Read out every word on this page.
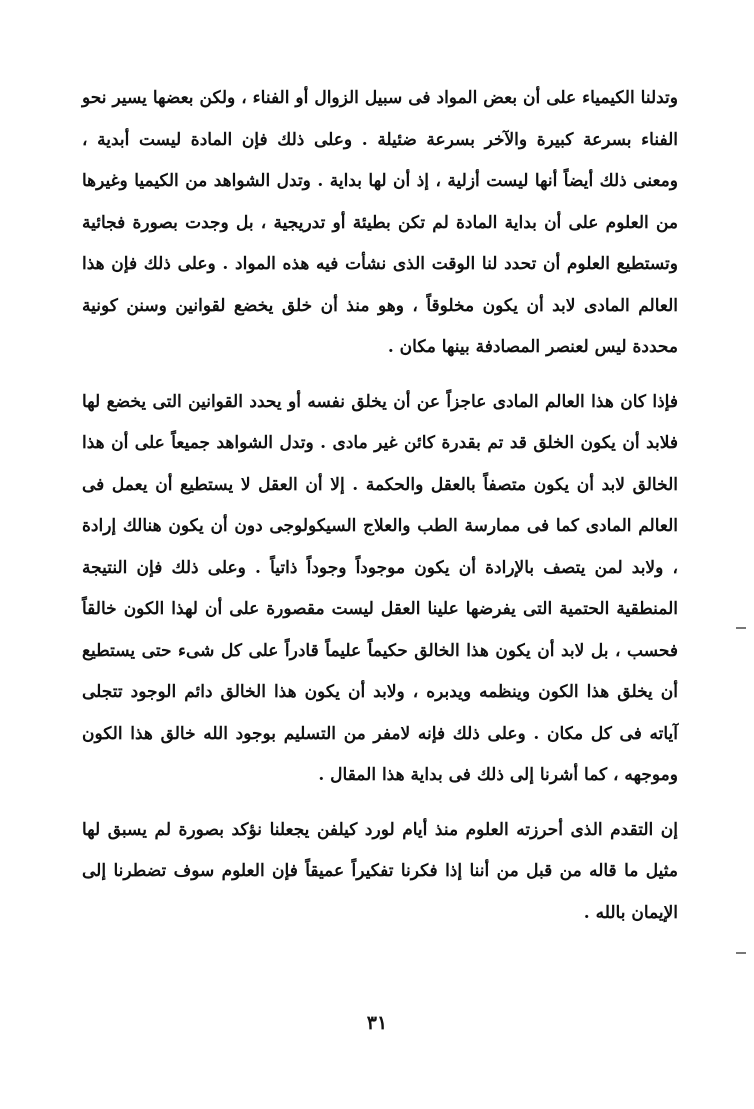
وتدلنا الكيمياء على أن بعض المواد فى سبيل الزوال أو الفناء ، ولكن بعضها يسير نحو الفناء بسرعة كبيرة والآخر بسرعة ضئيلة . وعلى ذلك فإن المادة ليست أبدية ، ومعنى ذلك أيضاً أنها ليست أزلية ، إذ أن لها بداية . وتدل الشواهد من الكيميا وغيرها من العلوم على أن بداية المادة لم تكن بطيئة أو تدريجية ، بل وجدت بصورة فجائية وتستطيع العلوم أن تحدد لنا الوقت الذى نشأت فيه هذه المواد . وعلى ذلك فإن هذا العالم المادى لابد أن يكون مخلوقاً ، وهو منذ أن خلق يخضع لقوانين وسنن كونية محددة ليس لعنصر المصادفة بينها مكان .

فإذا كان هذا العالم المادى عاجزاً عن أن يخلق نفسه أو يحدد القوانين التى يخضع لها فلابد أن يكون الخلق قد تم بقدرة كائن غير مادى . وتدل الشواهد جميعاً على أن هذا الخالق لابد أن يكون متصفاً بالعقل والحكمة . إلا أن العقل لا يستطيع أن يعمل فى العالم المادى كما فى ممارسة الطب والعلاج السيكولوجى دون أن يكون هنالك إرادة ، ولابد لمن يتصف بالإرادة أن يكون موجوداً وجوداً ذاتياً . وعلى ذلك فإن النتيجة المنطقية الحتمية التى يفرضها علينا العقل ليست مقصورة على أن لهذا الكون خالقاً فحسب ، بل لابد أن يكون هذا الخالق حكيماً عليماً قادراً على كل شىء حتى يستطيع أن يخلق هذا الكون وينظمه ويدبره ، ولابد أن يكون هذا الخالق دائم الوجود تتجلى آياته فى كل مكان . وعلى ذلك فإنه لامفر من التسليم بوجود الله خالق هذا الكون وموجهه ، كما أشرنا إلى ذلك فى بداية هذا المقال .

إن التقدم الذى أحرزته العلوم منذ أيام لورد كيلفن يجعلنا نؤكد بصورة لم يسبق لها مثيل ما قاله من قبل من أننا إذا فكرنا تفكيراً عميقاً فإن العلوم سوف تضطرنا إلى الإيمان بالله .

٣١
